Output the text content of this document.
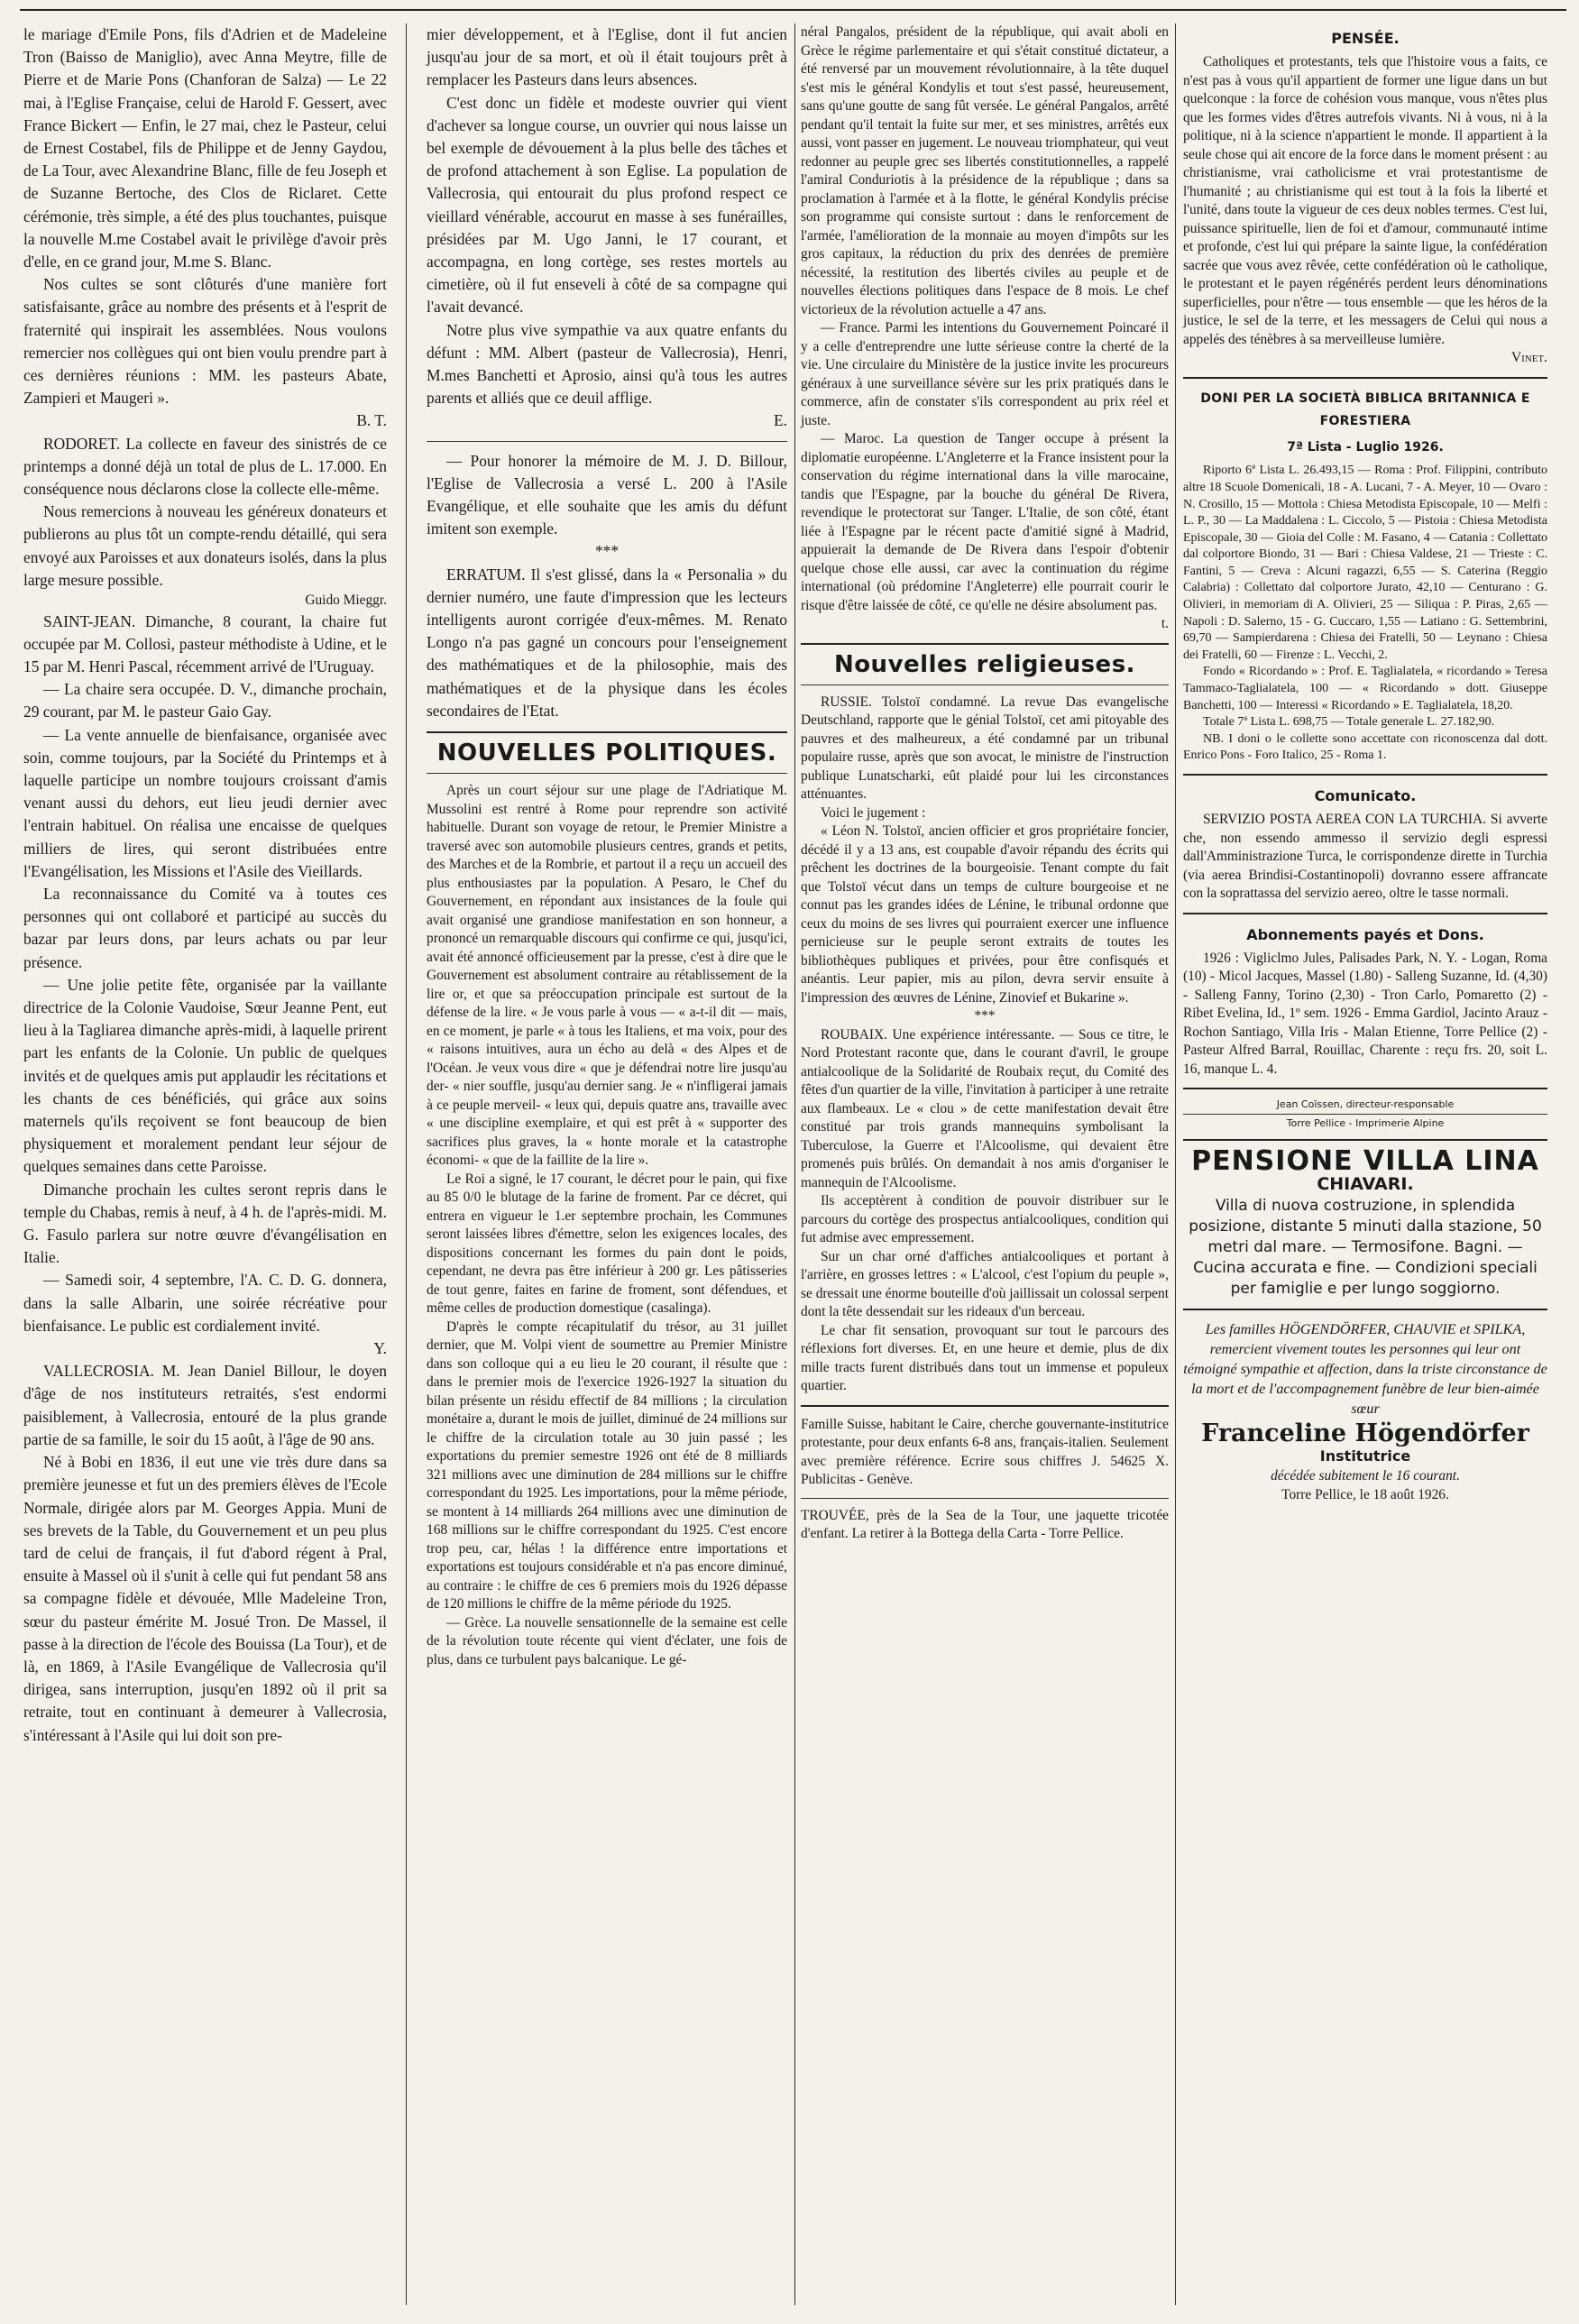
le mariage d'Emile Pons, fils d'Adrien et de Madeleine Tron (Baisso de Maniglio), avec Anna Meytre, fille de Pierre et de Marie Pons (Chanforan de Salza) — Le 22 mai, à l'Eglise Française, celui de Harold F. Gessert, avec France Bickert — Enfin, le 27 mai, chez le Pasteur, celui de Ernest Costabel, fils de Philippe et de Jenny Gaydou, de La Tour, avec Alexandrine Blanc, fille de feu Joseph et de Suzanne Bertoche, des Clos de Riclaret. Cette cérémonie, très simple, a été des plus touchantes, puisque la nouvelle M.me Costabel avait le privilège d'avoir près d'elle, en ce grand jour, M.me S. Blanc.

Nos cultes se sont clôturés d'une manière fort satisfaisante, grâce au nombre des présents et à l'esprit de fraternité qui inspirait les assemblées. Nous voulons remercier nos collègues qui ont bien voulu prendre part à ces dernières réunions : MM. les pasteurs Abate, Zampieri et Maugeri ».

B. T.

RODORET. La collecte en faveur des sinistrés de ce printemps a donné déjà un total de plus de L. 17.000. En conséquence nous déclarons close la collecte elle-même.

Nous remercions à nouveau les généreux donateurs et publierons au plus tôt un compte-rendu détaillé, qui sera envoyé aux Paroisses et aux donateurs isolés, dans la plus large mesure possible.

Guido Mieggr.

SAINT-JEAN. Dimanche, 8 courant, la chaire fut occupée par M. Collosi, pasteur méthodiste à Udine, et le 15 par M. Henri Pascal, récemment arrivé de l'Uruguay.

— La chaire sera occupée. D. V., dimanche prochain, 29 courant, par M. le pasteur Gaio Gay.

— La vente annuelle de bienfaisance, organisée avec soin, comme toujours, par la Société du Printemps et à laquelle participe un nombre toujours croissant d'amis venant aussi du dehors, eut lieu jeudi dernier avec l'entrain habituel. On réalisa une encaisse de quelques milliers de lires, qui seront distribuées entre l'Evangélisation, les Missions et l'Asile des Vieillards.

La reconnaissance du Comité va à toutes ces personnes qui ont collaboré et participé au succès du bazar par leurs dons, par leurs achats ou par leur présence.

— Une jolie petite fête, organisée par la vaillante directrice de la Colonie Vaudoise, Sœur Jeanne Pent, eut lieu à la Tagliarea dimanche après-midi, à laquelle prirent part les enfants de la Colonie. Un public de quelques invités et de quelques amis put applaudir les récitations et les chants de ces bénéficiés, qui grâce aux soins maternels qu'ils reçoivent se font beaucoup de bien physiquement et moralement pendant leur séjour de quelques semaines dans cette Paroisse.

Dimanche prochain les cultes seront repris dans le temple du Chabas, remis à neuf, à 4 h. de l'après-midi. M. G. Fasulo parlera sur notre œuvre d'évangélisation en Italie.

— Samedi soir, 4 septembre, l'A. C. D. G. donnera, dans la salle Albarin, une soirée récréative pour bienfaisance. Le public est cordialement invité.

Y.

VALLECROSIA. M. Jean Daniel Billour, le doyen d'âge de nos instituteurs retraités, s'est endormi paisiblement, à Vallecrosia, entouré de la plus grande partie de sa famille, le soir du 15 août, à l'âge de 90 ans.

Né à Bobi en 1836, il eut une vie très dure dans sa première jeunesse et fut un des premiers élèves de l'Ecole Normale, dirigée alors par M. Georges Appia. Muni de ses brevets de la Table, du Gouvernement et un peu plus tard de celui de français, il fut d'abord régent à Pral, ensuite à Massel où il s'unit à celle qui fut pendant 58 ans sa compagne fidèle et dévouée, Mlle Madeleine Tron, sœur du pasteur émérite M. Josué Tron. De Massel, il passe à la direction de l'école des Bouissa (La Tour), et de là, en 1869, à l'Asile Evangélique de Vallecrosia qu'il dirigea, sans interruption, jusqu'en 1892 où il prit sa retraite, tout en continuant à demeurer à Vallecrosia, s'intéressant à l'Asile qui lui doit son pre-

mier développement, et à l'Eglise, dont il fut ancien jusqu'au jour de sa mort, et où il était toujours prêt à remplacer les Pasteurs dans leurs absences.

C'est donc un fidèle et modeste ouvrier qui vient d'achever sa longue course, un ouvrier qui nous laisse un bel exemple de dévouement à la plus belle des tâches et de profond attachement à son Eglise. La population de Vallecrosia, qui entourait du plus profond respect ce vieillard vénérable, accourut en masse à ses funérailles, présidées par M. Ugo Janni, le 17 courant, et accompagna, en long cortège, ses restes mortels au cimetière, où il fut enseveli à côté de sa compagne qui l'avait devancé.

Notre plus vive sympathie va aux quatre enfants du défunt : MM. Albert (pasteur de Vallecrosia), Henri, M.mes Banchetti et Aprosio, ainsi qu'à tous les autres parents et alliés que ce deuil afflige.

E.

— Pour honorer la mémoire de M. J. D. Billour, l'Eglise de Vallecrosia a versé L. 200 à l'Asile Evangélique, et elle souhaite que les amis du défunt imitent son exemple.

***

ERRATUM. Il s'est glissé, dans la « Personalia » du dernier numéro, une faute d'impression que les lecteurs intelligents auront corrigée d'eux-mêmes. M. Renato Longo n'a pas gagné un concours pour l'enseignement des mathématiques et de la philosophie, mais des mathématiques et de la physique dans les écoles secondaires de l'Etat.

NOUVELLES POLITIQUES.

Après un court séjour sur une plage de l'Adriatique M. Mussolini est rentré à Rome pour reprendre son activité habituelle. Durant son voyage de retour, le Premier Ministre a traversé avec son automobile plusieurs centres, grands et petits, des Marches et de la Rombrie, et partout il a reçu un accueil des plus enthousiastes par la population. A Pesaro, le Chef du Gouvernement, en répondant aux insistances de la foule qui avait organisé une grandiose manifestation en son honneur, a prononcé un remarquable discours qui confirme ce qui, jusqu'ici, avait été annoncé officieusement par la presse, c'est à dire que le Gouvernement est absolument contraire au rétablissement de la lire or, et que sa préoccupation principale est surtout de la défense de la lire. « Je vous parle à vous — « a-t-il dit — mais, en ce moment, je parle « à tous les Italiens, et ma voix, pour des « raisons intuitives, aura un écho au delà « des Alpes et de l'Océan. Je veux vous dire « que je défendrai notre lire jusqu'au der- « nier souffle, jusqu'au dernier sang. Je « n'infligerai jamais à ce peuple merveil- « leux qui, depuis quatre ans, travaille avec « une discipline exemplaire, et qui est prêt à « supporter des sacrifices plus graves, la « honte morale et la catastrophe économi- « que de la faillite de la lire ».

Le Roi a signé, le 17 courant, le décret pour le pain, qui fixe au 85 0/0 le blutage de la farine de froment. Par ce décret, qui entrera en vigueur le 1.er septembre prochain, les Communes seront laissées libres d'émettre, selon les exigences locales, des dispositions concernant les formes du pain dont le poids, cependant, ne devra pas être inférieur à 200 gr. Les pâtisseries de tout genre, faites en farine de froment, sont défendues, et même celles de production domestique (casalinga).

D'après le compte récapitulatif du trésor, au 31 juillet dernier, que M. Volpi vient de soumettre au Premier Ministre dans son colloque qui a eu lieu le 20 courant, il résulte que : dans le premier mois de l'exercice 1926-1927 la situation du bilan présente un résidu effectif de 84 millions ; la circulation monétaire a, durant le mois de juillet, diminué de 24 millions sur le chiffre de la circulation totale au 30 juin passé ; les exportations du premier semestre 1926 ont été de 8 milliards 321 millions avec une diminution de 284 millions sur le chiffre correspondant du 1925. Les importations, pour la même période, se montent à 14 milliards 264 millions avec une diminution de 168 millions sur le chiffre correspondant du 1925. C'est encore trop peu, car, hélas ! la différence entre importations et exportations est toujours considérable et n'a pas encore diminué, au contraire : le chiffre de ces 6 premiers mois du 1926 dépasse de 120 millions le chiffre de la même période du 1925.

— Grèce. La nouvelle sensationnelle de la semaine est celle de la révolution toute récente qui vient d'éclater, une fois de plus, dans ce turbulent pays balcanique. Le gé-

néral Pangalos, président de la république, qui avait aboli en Grèce le régime parlementaire et qui s'était constitué dictateur, a été renversé par un mouvement révolutionnaire, à la tête duquel s'est mis le général Kondylis et tout s'est passé, heureusement, sans qu'une goutte de sang fût versée. Le général Pangalos, arrêté pendant qu'il tentait la fuite sur mer, et ses ministres, arrêtés eux aussi, vont passer en jugement. Le nouveau triomphateur, qui veut redonner au peuple grec ses libertés constitutionnelles, a rappelé l'amiral Conduriotis à la présidence de la république ; dans sa proclamation à l'armée et à la flotte, le général Kondylis précise son programme qui consiste surtout : dans le renforcement de l'armée, l'amélioration de la monnaie au moyen d'impôts sur les gros capitaux, la réduction du prix des denrées de première nécessité, la restitution des libertés civiles au peuple et de nouvelles élections politiques dans l'espace de 8 mois. Le chef victorieux de la révolution actuelle a 47 ans.

— France. Parmi les intentions du Gouvernement Poincaré il y a celle d'entreprendre une lutte sérieuse contre la cherté de la vie. Une circulaire du Ministère de la justice invite les procureurs généraux à une surveillance sévère sur les prix pratiqués dans le commerce, afin de constater s'ils correspondent au prix réel et juste.

— Maroc. La question de Tanger occupe à présent la diplomatie européenne. L'Angleterre et la France insistent pour la conservation du régime international dans la ville marocaine, tandis que l'Espagne, par la bouche du général De Rivera, revendique le protectorat sur Tanger. L'Italie, de son côté, étant liée à l'Espagne par le récent pacte d'amitié signé à Madrid, appuierait la demande de De Rivera dans l'espoir d'obtenir quelque chose elle aussi, car avec la continuation du régime international (où prédomine l'Angleterre) elle pourrait courir le risque d'être laissée de côté, ce qu'elle ne désire absolument pas.

t.

Nouvelles religieuses.

RUSSIE. Tolstoï condamné. La revue Das evangelische Deutschland, rapporte que le génial Tolstoï, cet ami pitoyable des pauvres et des malheureux, a été condamné par un tribunal populaire russe, après que son avocat, le ministre de l'instruction publique Lunatscharki, eût plaidé pour lui les circonstances atténuantes.

Voici le jugement :

« Léon N. Tolstoï, ancien officier et gros propriétaire foncier, décédé il y a 13 ans, est coupable d'avoir répandu des écrits qui prêchent les doctrines de la bourgeoisie. Tenant compte du fait que Tolstoï vécut dans un temps de culture bourgeoise et ne connut pas les grandes idées de Lénine, le tribunal ordonne que ceux du moins de ses livres qui pourraient exercer une influence pernicieuse sur le peuple seront extraits de toutes les bibliothèques publiques et privées, pour être confisqués et anéantis. Leur papier, mis au pilon, devra servir ensuite à l'impression des œuvres de Lénine, Zinovief et Bukarine ».

***

ROUBAIX. Une expérience intéressante. — Sous ce titre, le Nord Protestant raconte que, dans le courant d'avril, le groupe antialcoolique de la Solidarité de Roubaix reçut, du Comité des fêtes d'un quartier de la ville, l'invitation à participer à une retraite aux flambeaux. Le « clou » de cette manifestation devait être constitué par trois grands mannequins symbolisant la Tuberculose, la Guerre et l'Alcoolisme, qui devaient être promenés puis brûlés. On demandait à nos amis d'organiser le mannequin de l'Alcoolisme.

Ils acceptèrent à condition de pouvoir distribuer sur le parcours du cortège des prospectus antialcooliques, condition qui fut admise avec empressement.

Sur un char orné d'affiches antialcooliques et portant à l'arrière, en grosses lettres : « L'alcool, c'est l'opium du peuple », se dressait une énorme bouteille d'où jaillissait un colossal serpent dont la tête dessendait sur les rideaux d'un berceau.

Le char fit sensation, provoquant sur tout le parcours des réflexions fort diverses. Et, en une heure et demie, plus de dix mille tracts furent distribués dans tout un immense et populeux quartier.

Famille Suisse, habitant le Caire, cherche gouvernante-institutrice protestante, pour deux enfants 6-8 ans, français-italien. Seulement avec première référence. Ecrire sous chiffres J. 54625 X. Publicitas - Genève.

TROUVÉE, près de la Sea de la Tour, une jaquette tricotée d'enfant. La retirer à la Bottega della Carta - Torre Pellice.

PENSÉE.

Catholiques et protestants, tels que l'histoire vous a faits, ce n'est pas à vous qu'il appartient de former une ligue dans un but quelconque : la force de cohésion vous manque, vous n'êtes plus que les formes vides d'êtres autrefois vivants. Ni à vous, ni à la politique, ni à la science n'appartient le monde. Il appartient à la seule chose qui ait encore de la force dans le moment présent : au christianisme, vrai catholicisme et vrai protestantisme de l'humanité ; au christianisme qui est tout à la fois la liberté et l'unité, dans toute la vigueur de ces deux nobles termes. C'est lui, puissance spirituelle, lien de foi et d'amour, communauté intime et profonde, c'est lui qui prépare la sainte ligue, la confédération sacrée que vous avez rêvée, cette confédération où le catholique, le protestant et le payen régénérés perdent leurs dénominations superficielles, pour n'être — tous ensemble — que les héros de la justice, le sel de la terre, et les messagers de Celui qui nous a appelés des ténèbres à sa merveilleuse lumière.

Vinet.

DONI PER LA SOCIETÀ BIBLICA BRITANNICA E FORESTIERA
7ª Lista - Luglio 1926.

Riporto 6ª Lista L. 26.493,15 — Roma : Prof. Filippini, contributo altre 18 Scuole Domenicali, 18 - A. Lucani, 7 - A. Meyer, 10 — Ovaro : N. Crosillo, 15 — Mottola : Chiesa Metodista Episcopale, 10 — Melfi : L. P., 30 — La Maddalena : L. Ciccolo, 5 — Pistoia : Chiesa Metodista Episcopale, 30 — Gioia del Colle : M. Fasano, 4 — Catania : Collettato dal colportore Biondo, 31 — Bari : Chiesa Valdese, 21 — Trieste : C. Fantini, 5 — Creva : Alcuni ragazzi, 6,55 — S. Caterina (Reggio Calabria) : Collettato dal colportore Jurato, 42,10 — Centurano : G. Olivieri, in memoriam di A. Olivieri, 25 — Siliqua : P. Piras, 2,65 — Napoli : D. Salerno, 15 - G. Cuccaro, 1,55 — Latiano : G. Settembrini, 69,70 — Sampierdarena : Chiesa dei Fratelli, 50 — Leynano : Chiesa dei Fratelli, 60 — Firenze : L. Vecchi, 2.

Fondo « Ricordando » : Prof. E. Taglialatela, « ricordando » Teresa Tammaco-Taglialatela, 100 — « Ricordando » dott. Giuseppe Banchetti, 100 — Interessi « Ricordando » E. Taglialatela, 18,20.

Totale 7ª Lista L. 698,75 — Totale generale L. 27.182,90.

NB. I doni o le collette sono accettate con riconoscenza dal dott. Enrico Pons - Foro Italico, 25 - Roma 1.

Comunicato.

SERVIZIO POSTA AEREA CON LA TURCHIA. Si avverte che, non essendo ammesso il servizio degli espressi dall'Amministrazione Turca, le corrispondenze dirette in Turchia (via aerea Brindisi-Costantinopoli) dovranno essere affrancate con la soprattassa del servizio aereo, oltre le tasse normali.

Abonnements payés et Dons.

1926 : Vigliclmo Jules, Palisades Park, N. Y. - Logan, Roma (10) - Micol Jacques, Massel (1.80) - Salleng Suzanne, Id. (4,30) - Salleng Fanny, Torino (2,30) - Tron Carlo, Pomaretto (2) - Ribet Evelina, Id., 1º sem. 1926 - Emma Gardiol, Jacinto Arauz - Rochon Santiago, Villa Iris - Malan Etienne, Torre Pellice (2) - Pasteur Alfred Barral, Rouillac, Charente : reçu frs. 20, soit L. 16, manque L. 4.

Jean Coïssen, directeur-responsable
Torre Pellice - Imprimerie Alpine
PENSIONE VILLA LINA
CHIAVARI.

Villa di nuova costruzione, in splendida posizione, distante 5 minuti dalla stazione, 50 metri dal mare. — Termosifone. Bagni. — Cucina accurata e fine. — Condizioni speciali per famiglie e per lungo soggiorno.

Les familles HÖGENDÖRFER, CHAUVIE et SPILKA, remercient vivement toutes les personnes qui leur ont témoigné sympathie et affection, dans la triste circonstance de la mort et de l'accompagnement funèbre de leur bien-aimée sœur

Franceline Högendörfer
Institutrice

décédée subitement le 16 courant.

Torre Pellice, le 18 août 1926.
